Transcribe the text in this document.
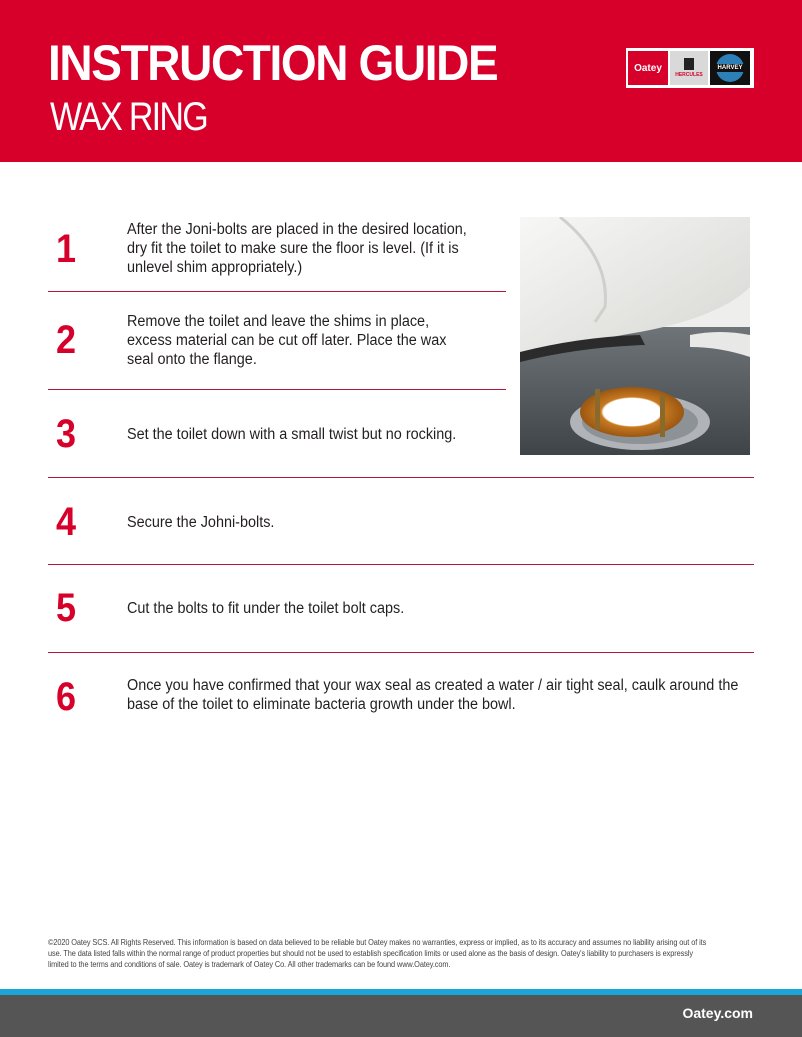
INSTRUCTION GUIDE
WAX RING
Oatey
HERCULES
HARVEY
1	After the Joni-bolts are placed in the desired location, dry fit the toilet to make sure the floor is level. (If it is unlevel shim appropriately.)
2	Remove the toilet and leave the shims in place, excess material can be cut off later. Place the wax seal onto the flange.
3	Set the toilet down with a small twist but no rocking.
4	Secure the Johni-bolts.
5	Cut the bolts to fit under the toilet bolt caps.
6	Once you have confirmed that your wax seal as created a water / air tight seal, caulk around the base of the toilet to eliminate bacteria growth under the bowl.
©2020 Oatey SCS. All Rights Reserved. This information is based on data believed to be reliable but Oatey makes no warranties, express or implied, as to its accuracy and assumes no liability arising out of its use. The data listed falls within the normal range of product properties but should not be used to establish specification limits or used alone as the basis of design. Oatey's liability to purchasers is expressly limited to the terms and conditions of sale. Oatey is trademark of Oatey Co. All other trademarks can be found www.Oatey.com.
Oatey.com
